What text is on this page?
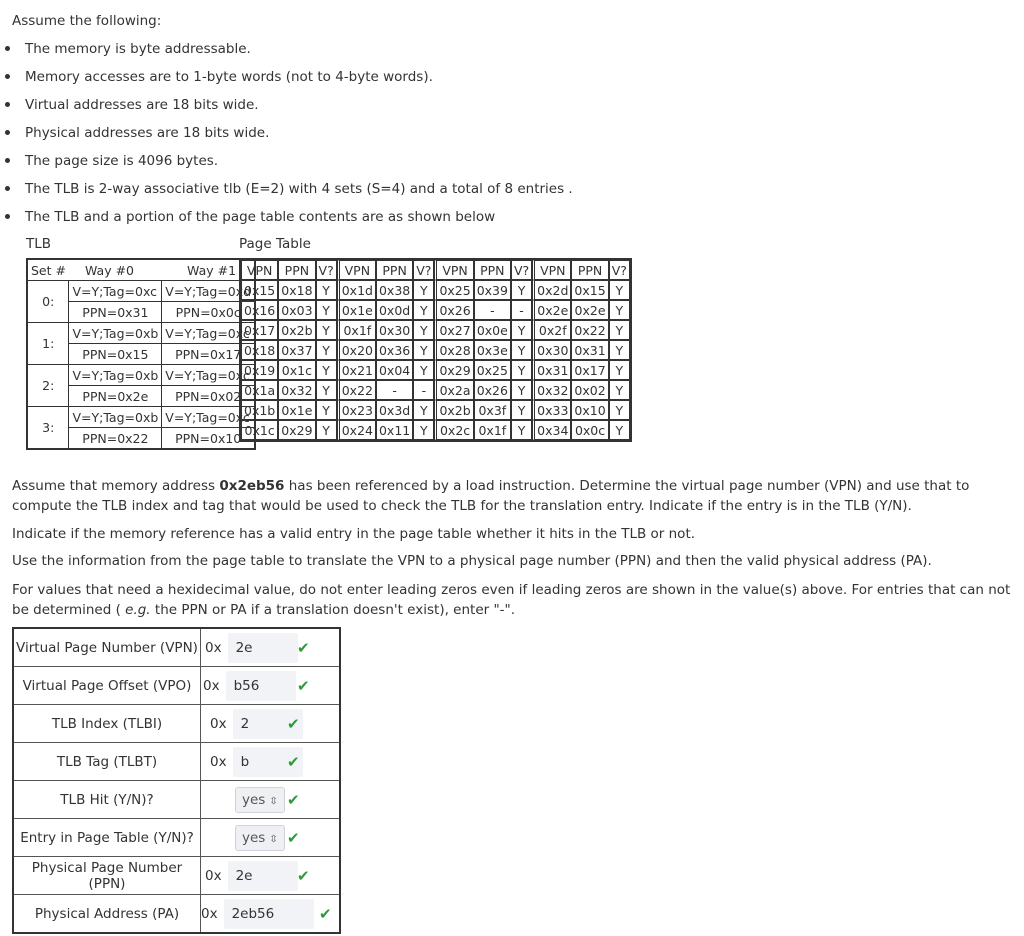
Assume the following:

The memory is byte addressable.
Memory accesses are to 1-byte words (not to 4-byte words).
Virtual addresses are 18 bits wide.
Physical addresses are 18 bits wide.
The page size is 4096 bytes.
The TLB is 2-way associative tlb (E=2) with 4 sets (S=4) and a total of 8 entries .
The TLB and a portion of the page table contents are as shown below
TLB	Page Table
Set #	Way #0	Way #1
0:	V=Y;Tag=0xc	V=Y;Tag=0xd
	PPN=0x31	PPN=0x0c
1:	V=Y;Tag=0xb	V=Y;Tag=0xc
	PPN=0x15	PPN=0x17
2:	V=Y;Tag=0xb	V=Y;Tag=0xc
	PPN=0x2e	PPN=0x02
3:	V=Y;Tag=0xb	V=Y;Tag=0xc
	PPN=0x22	PPN=0x10
VPN	PPN	V?	VPN	PPN	V?	VPN	PPN	V?	VPN	PPN	V?
0x15	0x18	Y	0x1d	0x38	Y	0x25	0x39	Y	0x2d	0x15	Y
0x16	0x03	Y	0x1e	0x0d	Y	0x26	-	-	0x2e	0x2e	Y
0x17	0x2b	Y	0x1f	0x30	Y	0x27	0x0e	Y	0x2f	0x22	Y
0x18	0x37	Y	0x20	0x36	Y	0x28	0x3e	Y	0x30	0x31	Y
0x19	0x1c	Y	0x21	0x04	Y	0x29	0x25	Y	0x31	0x17	Y
0x1a	0x32	Y	0x22	-	-	0x2a	0x26	Y	0x32	0x02	Y
0x1b	0x1e	Y	0x23	0x3d	Y	0x2b	0x3f	Y	0x33	0x10	Y
0x1c	0x29	Y	0x24	0x11	Y	0x2c	0x1f	Y	0x34	0x0c	Y

Assume that memory address 0x2eb56 has been referenced by a load instruction. Determine the virtual page number (VPN) and use that to compute the TLB index and tag that would be used to check the TLB for the translation entry. Indicate if the entry is in the TLB (Y/N).

Indicate if the memory reference has a valid entry in the page table whether it hits in the TLB or not.

Use the information from the page table to translate the VPN to a physical page number (PPN) and then the valid physical address (PA).

For values that need a hexidecimal value, do not enter leading zeros even if leading zeros are shown in the value(s) above. For entries that can not be determined ( e.g. the PPN or PA if a translation doesn't exist), enter "-".

Virtual Page Number (VPN)	0x 2e ✔

Virtual Page Offset (VPO)	0x b56 ✔

TLB Index (TLBI)	0x 2 ✔

TLB Tag (TLBT)	0x b ✔

TLB Hit (Y/N)?	yes ⇳ ✔

Entry in Page Table (Y/N)?	yes ⇳ ✔

Physical Page Number (PPN)	0x 2e ✔

Physical Address (PA)	0x 2eb56 ✔
